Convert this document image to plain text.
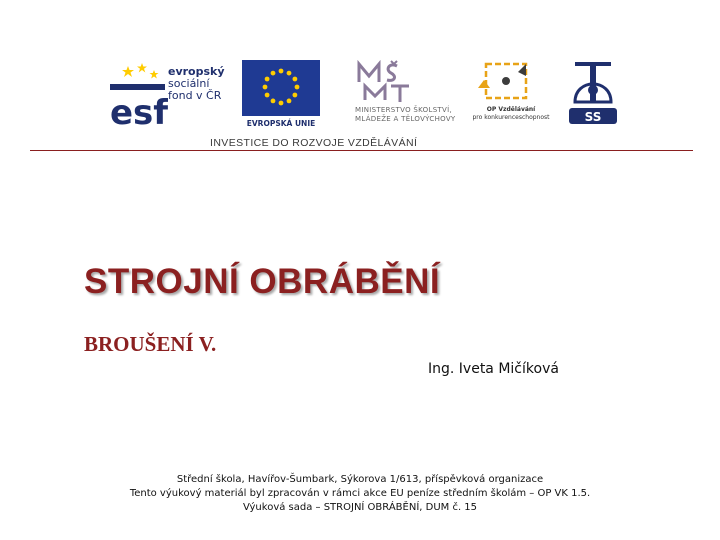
esf
evropský
sociální
fond v ČR
EVROPSKÁ UNIE
MINISTERSTVO ŠKOLSTVÍ,
MLÁDEŽE A TĚLOVÝCHOVY
OP Vzdělávání
pro konkurenceschopnost	SS
INVESTICE DO ROZVOJE VZDĚLÁVÁNÍ
STROJNÍ OBRÁBĚNÍ
BROUŠENÍ V.
Ing. Iveta Mičíková
Střední škola, Havířov-Šumbark, Sýkorova 1/613, příspěvková organizace
Tento výukový materiál byl zpracován v rámci akce EU peníze středním školám – OP VK 1.5.
Výuková sada – STROJNÍ OBRÁBĚNÍ, DUM č. 15
